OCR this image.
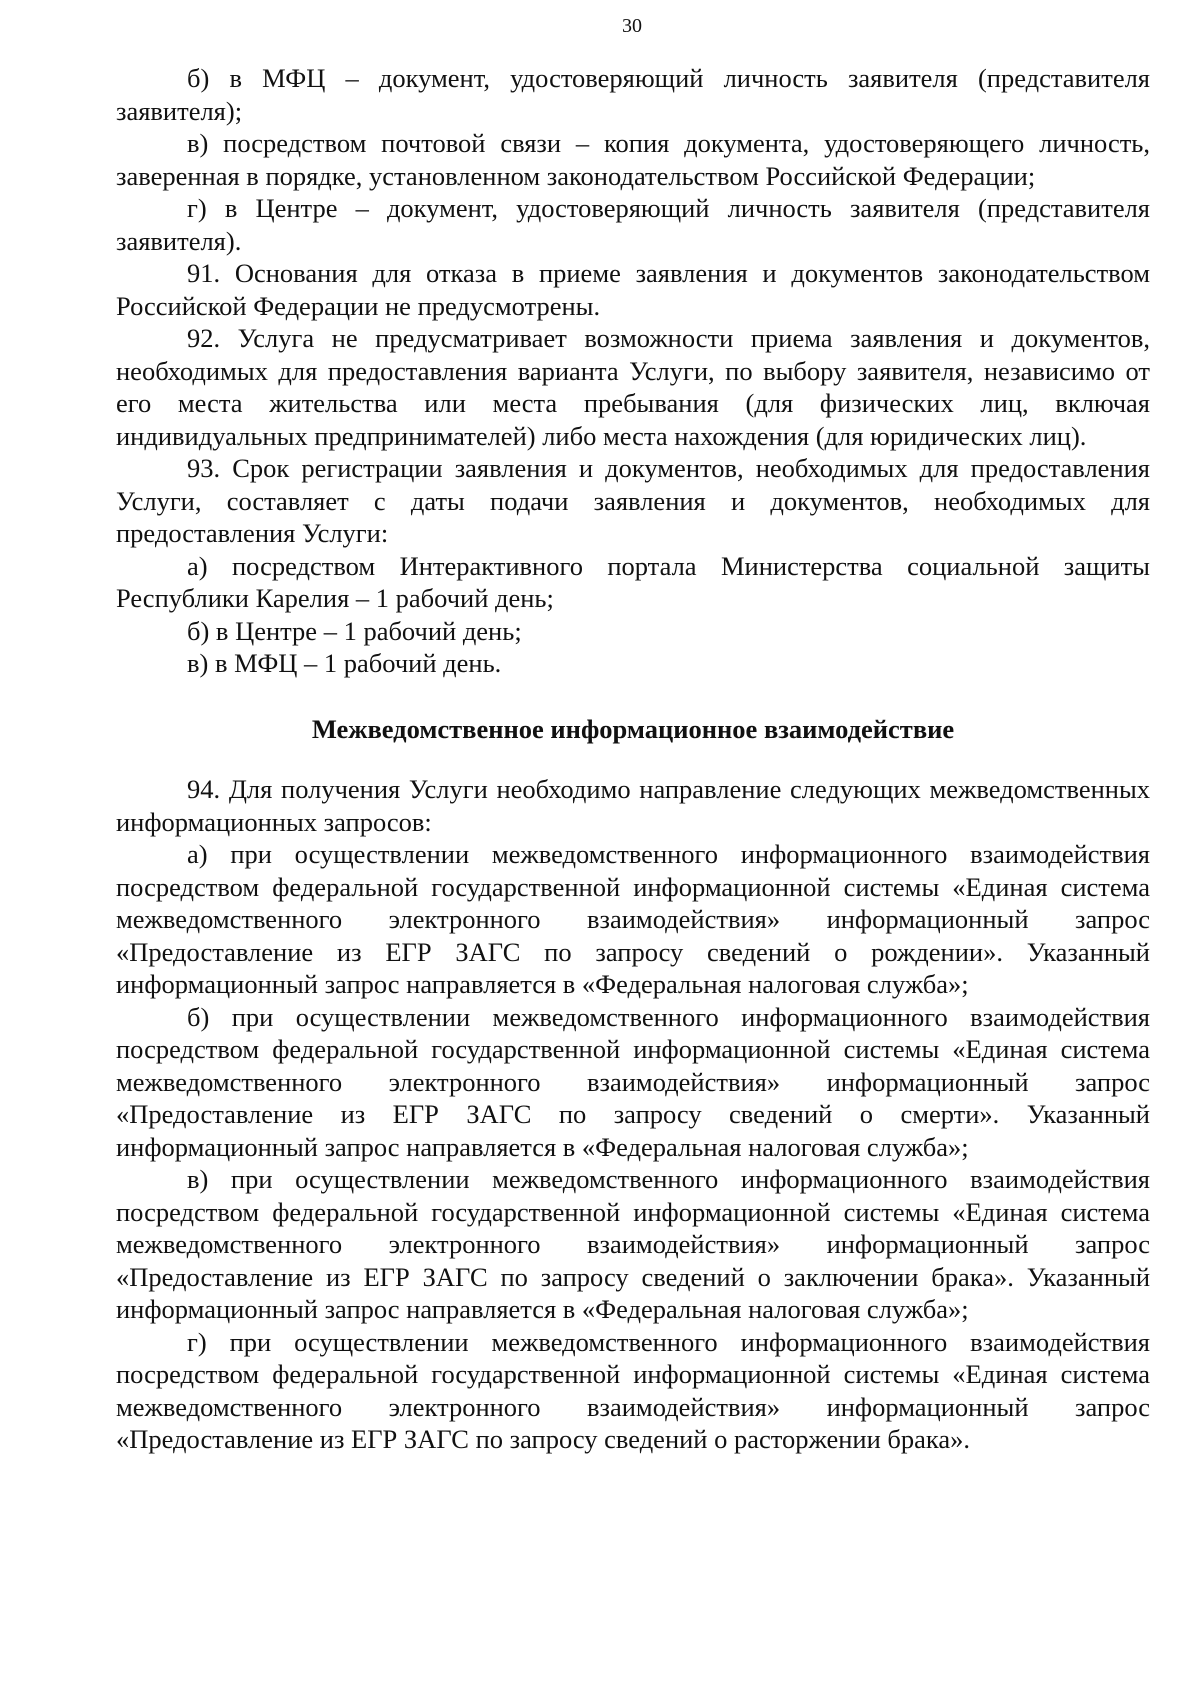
30

б) в МФЦ – документ, удостоверяющий личность заявителя (представителя заявителя);

в) посредством почтовой связи – копия документа, удостоверяющего личность, заверенная в порядке, установленном законодательством Российской Федерации;

г) в Центре – документ, удостоверяющий личность заявителя (представителя заявителя).

91. Основания для отказа в приеме заявления и документов законодательством Российской Федерации не предусмотрены.

92. Услуга не предусматривает возможности приема заявления и документов, необходимых для предоставления варианта Услуги, по выбору заявителя, независимо от его места жительства или места пребывания (для физических лиц, включая индивидуальных предпринимателей) либо места нахождения (для юридических лиц).

93. Срок регистрации заявления и документов, необходимых для предоставления Услуги, составляет с даты подачи заявления и документов, необходимых для предоставления Услуги:

а) посредством Интерактивного портала Министерства социальной защиты Республики Карелия – 1 рабочий день;

б) в Центре – 1 рабочий день;

в) в МФЦ – 1 рабочий день.

Межведомственное информационное взаимодействие

94. Для получения Услуги необходимо направление следующих межведомственных информационных запросов:

а) при осуществлении межведомственного информационного взаимодействия посредством федеральной государственной информационной системы «Единая система межведомственного электронного взаимодействия» информационный запрос «Предоставление из ЕГР ЗАГС по запросу сведений о рождении». Указанный информационный запрос направляется в «Федеральная налоговая служба»;

б) при осуществлении межведомственного информационного взаимодействия посредством федеральной государственной информационной системы «Единая система межведомственного электронного взаимодействия» информационный запрос «Предоставление из ЕГР ЗАГС по запросу сведений о смерти». Указанный информационный запрос направляется в «Федеральная налоговая служба»;

в) при осуществлении межведомственного информационного взаимодействия посредством федеральной государственной информационной системы «Единая система межведомственного электронного взаимодействия» информационный запрос «Предоставление из ЕГР ЗАГС по запросу сведений о заключении брака». Указанный информационный запрос направляется в «Федеральная налоговая служба»;

г) при осуществлении межведомственного информационного взаимодействия посредством федеральной государственной информационной системы «Единая система межведомственного электронного взаимодействия» информационный запрос «Предоставление из ЕГР ЗАГС по запросу сведений о расторжении брака».
